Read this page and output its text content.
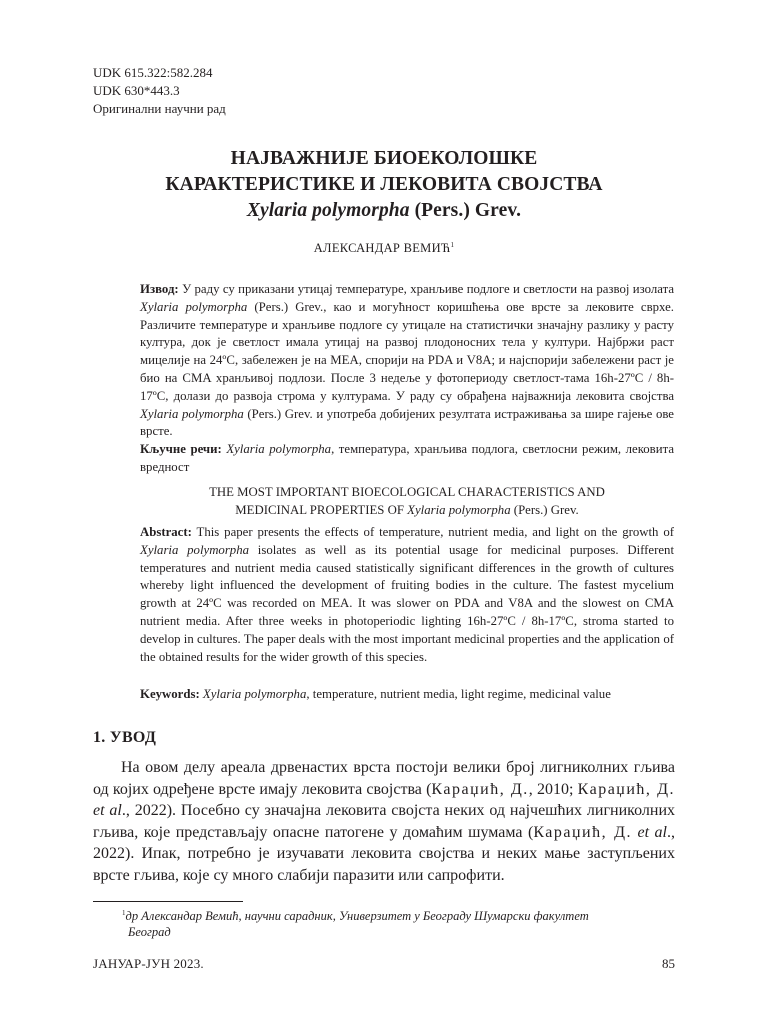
UDK 615.322:582.284
UDK 630*443.3
Оригинални научни рад
НАЈВАЖНИЈЕ БИОЕКОЛОШКЕ
КАРАКТЕРИСТИКЕ И ЛЕКОВИТА СВОЈСТВА
Xylaria polymorpha (Pers.) Grev.
АЛЕКСАНДАР ВЕМИЋ$^1$
Извод: У раду су приказани утицај температуре, хранљиве подлоге и светлости на развој изолата Xylaria polymorpha (Pers.) Grev., као и могућност коришћења ове врсте за лековите сврхе. Различите температуре и хранљиве подлоге су утицале на статистички значајну разлику у расту култура, док је светлост имала утицај на развој плодоносних тела у култури. Најбржи раст мицелије на 24ºC, забележен је на MEA, спорији на PDA и V8A; и најспорији забележени раст је био на CMA хранљивој подлози. После 3 недеље у фотопериоду светлост-тама 16h-27ºC / 8h-17ºC, долази до развоја строма у културама. У раду су обрађена најважнија лековита својства Xylaria polymorpha (Pers.) Grev. и употреба добијених резултата истраживања за шире гајење ове врсте.
Кључне речи: Xylaria polymorpha, температура, хранљива подлога, светлосни режим, лековита вредност
THE MOST IMPORTANT BIOECOLOGICAL CHARACTERISTICS AND
MEDICINAL PROPERTIES OF Xylaria polymorpha (Pers.) Grev.
Abstract: This paper presents the effects of temperature, nutrient media, and light on the growth of Xylaria polymorpha isolates as well as its potential usage for medicinal purposes. Different temperatures and nutrient media caused statistically significant differences in the growth of cultures whereby light influenced the development of fruiting bodies in the culture. The fastest mycelium growth at 24ºC was recorded on MEA. It was slower on PDA and V8A and the slowest on CMA nutrient media. After three weeks in photoperiodic lighting 16h-27ºC / 8h-17ºC, stroma started to develop in cultures. The paper deals with the most important medicinal properties and the application of the obtained results for the wider growth of this species.
Keywords: Xylaria polymorpha, temperature, nutrient media, light regime, medicinal value
1. УВОД
На овом делу ареала дрвенастих врста постоји велики број лигниколних гљива од којих одређене врсте имају лековита својства (Караџић, Д., 2010; Караџић, Д. et al., 2022). Посебно су значајна лековита својста неких од најчешћих лигниколних гљива, које представљају опасне патогене у домаћим шумама (Караџић, Д. et al., 2022). Ипак, потребно је изучавати лековита својства и неких мање заступљених врсте гљива, које су много слабији паразити или сапрофити.
$^1$др Александар Вемић, научни сарадник, Универзитет у Београду Шумарски факултет
Београд
ЈАНУАР-ЈУН 2023.	85
